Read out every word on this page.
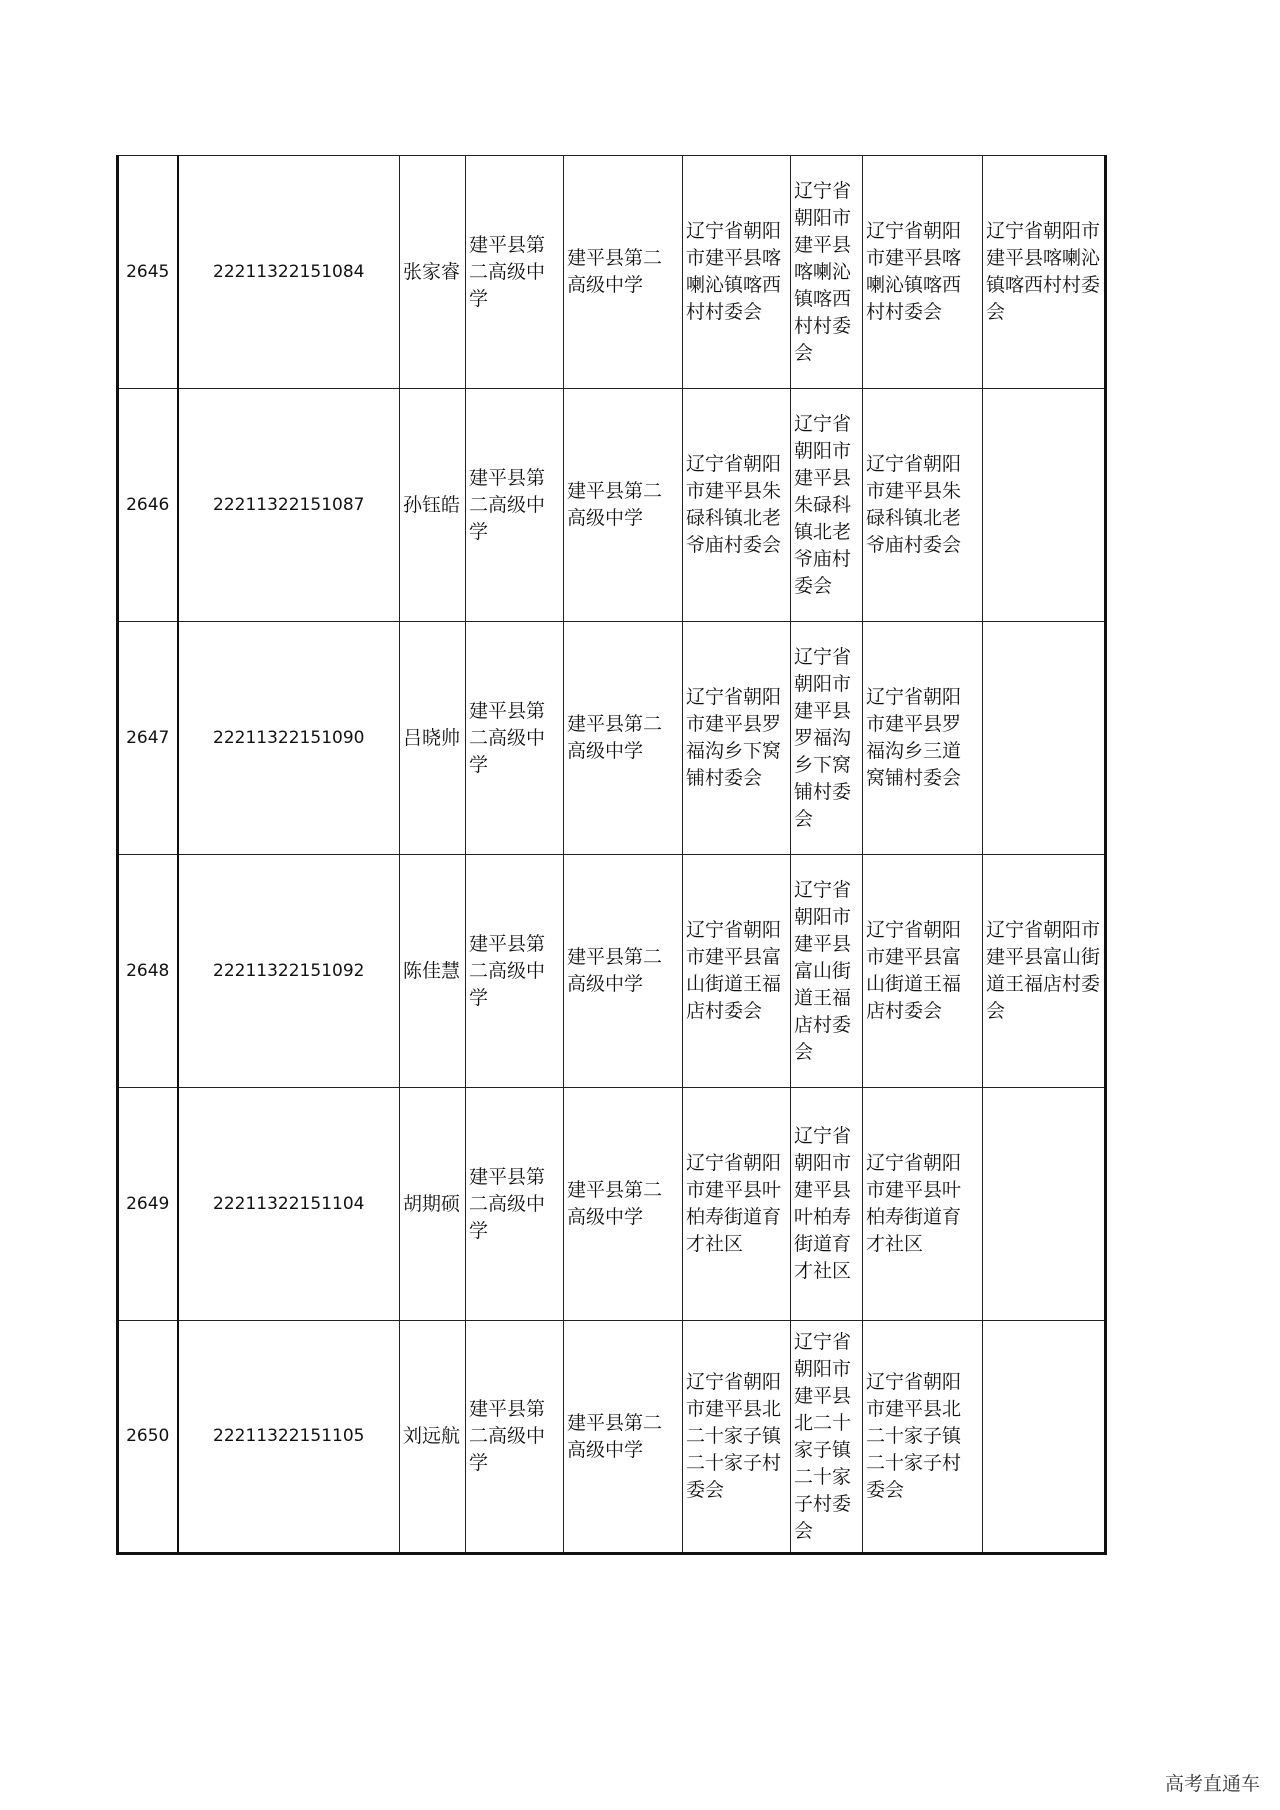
2645	22211322151084	张家睿	建平县第二高级中学	建平县第二高级中学	辽宁省朝阳市建平县喀喇沁镇喀西村村委会	辽宁省朝阳市建平县喀喇沁镇喀西村村委会	辽宁省朝阳市建平县喀喇沁镇喀西村村委会	辽宁省朝阳市建平县喀喇沁镇喀西村村委会
2646	22211322151087	孙钰皓	建平县第二高级中学	建平县第二高级中学	辽宁省朝阳市建平县朱碌科镇北老爷庙村委会	辽宁省朝阳市建平县朱碌科镇北老爷庙村委会	辽宁省朝阳市建平县朱碌科镇北老爷庙村委会	
2647	22211322151090	吕晓帅	建平县第二高级中学	建平县第二高级中学	辽宁省朝阳市建平县罗福沟乡下窝铺村委会	辽宁省朝阳市建平县罗福沟乡下窝铺村委会	辽宁省朝阳市建平县罗福沟乡三道窝铺村委会	
2648	22211322151092	陈佳慧	建平县第二高级中学	建平县第二高级中学	辽宁省朝阳市建平县富山街道王福店村委会	辽宁省朝阳市建平县富山街道王福店村委会	辽宁省朝阳市建平县富山街道王福店村委会	辽宁省朝阳市建平县富山街道王福店村委会
2649	22211322151104	胡期硕	建平县第二高级中学	建平县第二高级中学	辽宁省朝阳市建平县叶柏寿街道育才社区	辽宁省朝阳市建平县叶柏寿街道育才社区	辽宁省朝阳市建平县叶柏寿街道育才社区	
2650	22211322151105	刘远航	建平县第二高级中学	建平县第二高级中学	辽宁省朝阳市建平县北二十家子镇二十家子村委会	辽宁省朝阳市建平县北二十家子镇二十家子村委会	辽宁省朝阳市建平县北二十家子镇二十家子村委会	
高考直通车
